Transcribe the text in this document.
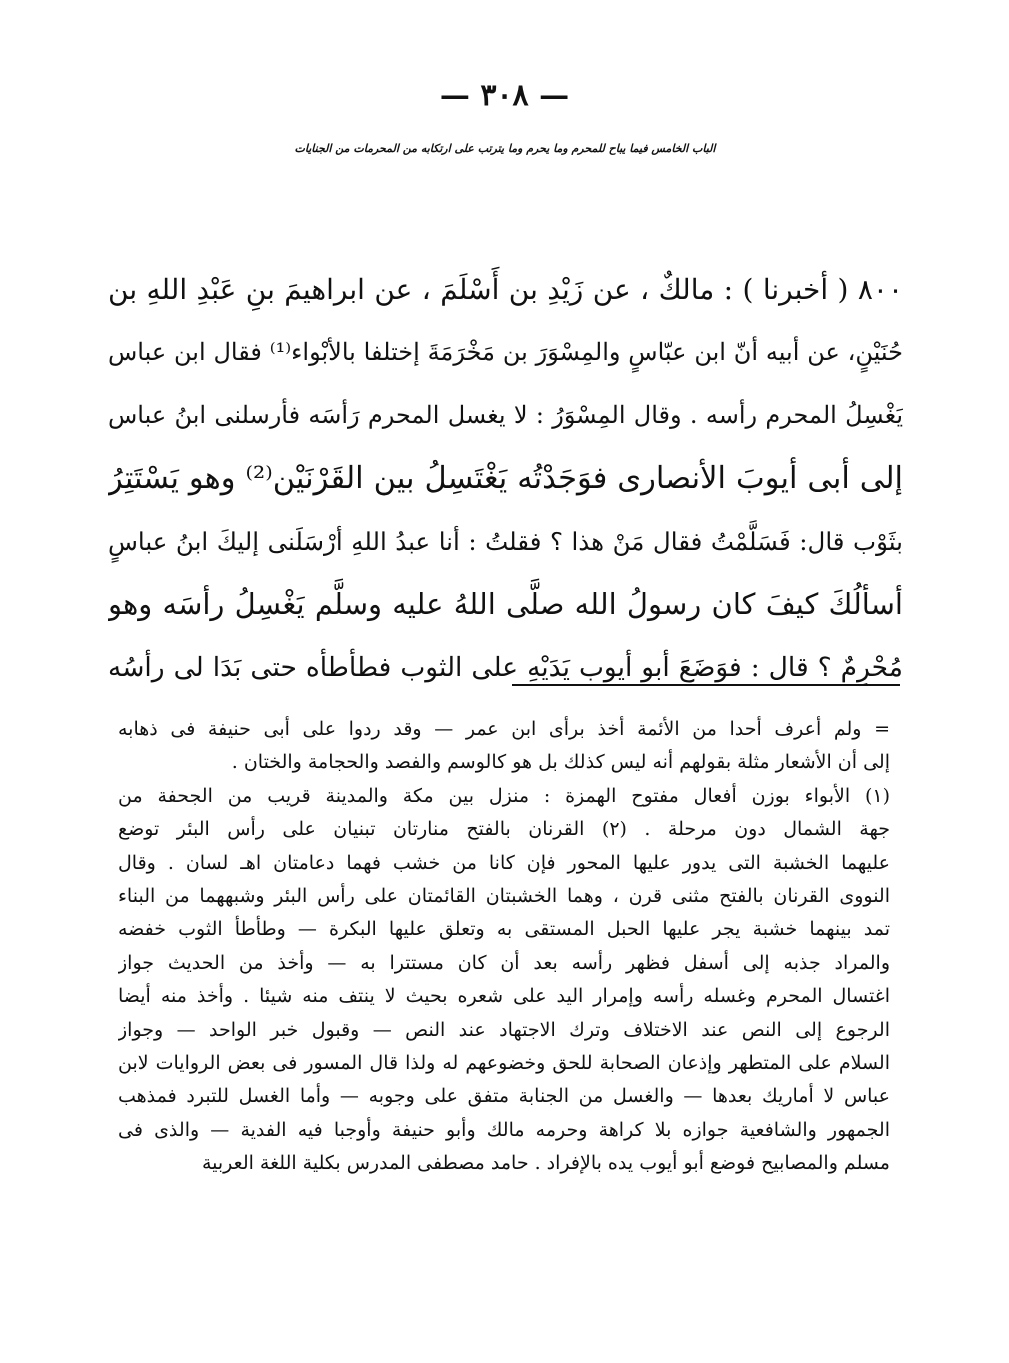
— ٣٠٨ —
الباب الخامس فيما يباح للمحرم وما يحرم وما يترتب على ارتكابه من المحرمات من الجنايات
٨٠٠ ( أخبرنا ) : مالكٌ ، عن زَيْدِ بن أَسْلَمَ ، عن ابراهيمَ بنِ عَبْدِ اللهِ بن
حُنَيْنٍ، عن أبيه أنّ ابن عبّاسٍ والمِسْوَرَ بن مَخْرَمَةَ إختلفا بالأبْواء⁽¹⁾ فقال ابن عباس
يَغْسِلُ المحرم رأسه . وقال المِسْوَرُ : لا يغسل المحرم رَأسَه فأرسلنى ابنُ عباس
إلى أبى أيوبَ الأنصارى فوَجَدْتُه يَغْتَسِلُ بين القَرْنَيْن⁽²⁾ وهو يَسْتَتِرُ
بثَوْب قال: فَسَلَّمْتُ فقال مَنْ هذا ؟ فقلتُ : أنا عبدُ اللهِ أرْسَلَنى إليكَ ابنُ عباسٍ
أسألُكَ كيفَ كان رسولُ الله صلَّى اللهُ عليه وسلَّم يَغْسِلُ رأسَه وهو
مُحْرِمٌ ؟ قال : فوَضَعَ أبو أيوب يَدَيْهِ على الثوب فطأطأه حتى بَدَا لى رأسُه
= ولم أعرف أحدا من الأئمة أخذ برأى ابن عمر — وقد ردوا على أبى حنيفة فى ذهابه
إلى أن الأشعار مثلة بقولهم أنه ليس كذلك بل هو كالوسم والفصد والحجامة والختان .
(١) الأبواء بوزن أفعال مفتوح الهمزة : منزل بين مكة والمدينة قريب من الجحفة من
جهة الشمال دون مرحلة . (٢) القرنان بالفتح منارتان تبنيان على رأس البئر توضع
عليهما الخشبة التى يدور عليها المحور فإن كانا من خشب فهما دعامتان اهـ لسان . وقال
النووى القرنان بالفتح مثنى قرن ، وهما الخشبتان القائمتان على رأس البئر وشبههما من البناء
تمد بينهما خشبة يجر عليها الحبل المستقى به وتعلق عليها البكرة — وطأطأ الثوب خفضه
والمراد جذبه إلى أسفل فظهر رأسه بعد أن كان مستترا به — وأخذ من الحديث جواز
اغتسال المحرم وغسله رأسه وإمرار اليد على شعره بحيث لا ينتف منه شيئا . وأخذ منه أيضا
الرجوع إلى النص عند الاختلاف وترك الاجتهاد عند النص — وقبول خبر الواحد — وجواز
السلام على المتطهر وإذعان الصحابة للحق وخضوعهم له ولذا قال المسور فى بعض الروايات لابن
عباس لا أماريك بعدها — والغسل من الجنابة متفق على وجوبه — وأما الغسل للتبرد فمذهب
الجمهور والشافعية جوازه بلا كراهة وحرمه مالك وأبو حنيفة وأوجبا فيه الفدية — والذى فى
مسلم والمصابيح فوضع أبو أيوب يده بالإفراد . حامد مصطفى المدرس بكلية اللغة العربية
